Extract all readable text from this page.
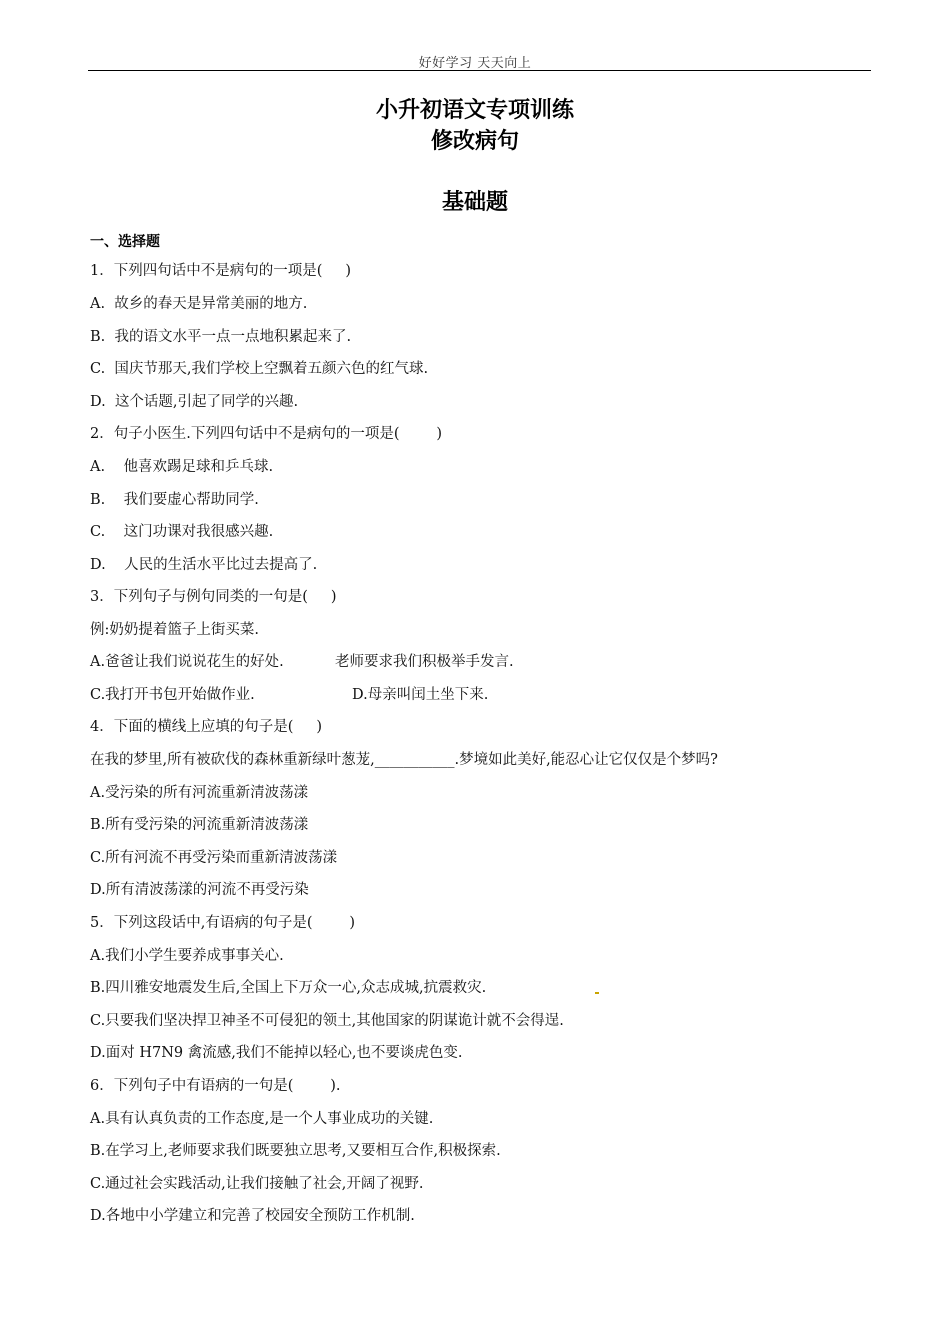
好好学习 天天向上
小升初语文专项训练
修改病句
基础题
一、选择题
1．下列四句话中不是病句的一项是(     )
A.  故乡的春天是异常美丽的地方.
B.  我的语文水平一点一点地积累起来了.
C.  国庆节那天,我们学校上空飘着五颜六色的红气球.
D.  这个话题,引起了同学的兴趣.
2．句子小医生.下列四句话中不是病句的一项是(        )
A.    他喜欢踢足球和乒乓球.
B.    我们要虚心帮助同学.
C.    这门功课对我很感兴趣.
D.    人民的生活水平比过去提高了.
3．下列句子与例句同类的一句是(     )
例:奶奶提着篮子上街买菜.
A.爸爸让我们说说花生的好处.	老师要求我们积极举手发言.
C.我打开书包开始做作业.	D.母亲叫闰土坐下来.
4．下面的横线上应填的句子是(     )
在我的梦里,所有被砍伐的森林重新绿叶葱茏,___________.梦境如此美好,能忍心让它仅仅是个梦吗?
A.受污染的所有河流重新清波荡漾
B.所有受污染的河流重新清波荡漾
C.所有河流不再受污染而重新清波荡漾
D.所有清波荡漾的河流不再受污染
5．下列这段话中,有语病的句子是(        )
A.我们小学生要养成事事关心.
B.四川雅安地震发生后,全国上下万众一心,众志成城,抗震救灾.
C.只要我们坚决捍卫神圣不可侵犯的领土,其他国家的阴谋诡计就不会得逞.
D.面对 H7N9 禽流感,我们不能掉以轻心,也不要谈虎色变.
6．下列句子中有语病的一句是(        ).
A.具有认真负责的工作态度,是一个人事业成功的关键.
B.在学习上,老师要求我们既要独立思考,又要相互合作,积极探索.
C.通过社会实践活动,让我们接触了社会,开阔了视野.
D.各地中小学建立和完善了校园安全预防工作机制.
